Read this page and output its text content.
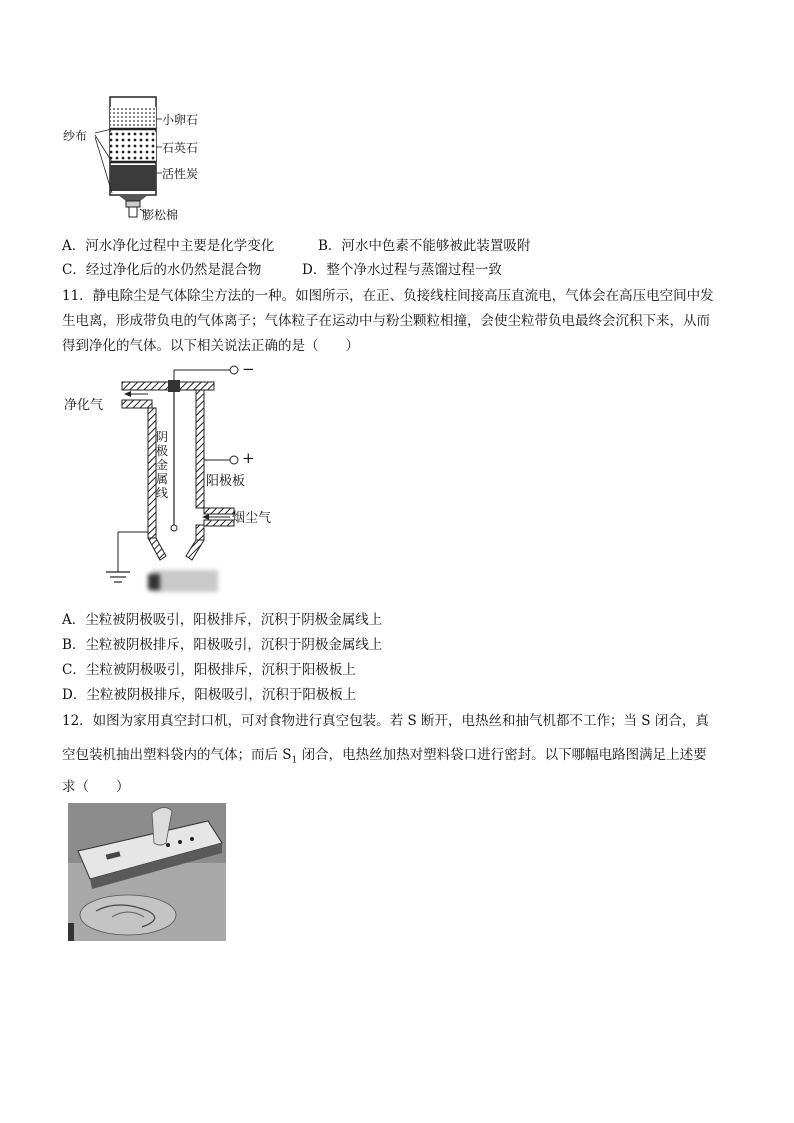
纱布
小卵石
石英石
活性炭
膨松棉
A．河水净化过程中主要是化学变化	B．河水中色素不能够被此装置吸附
C．经过净化后的水仍然是混合物	D．整个净水过程与蒸馏过程一致
11．静电除尘是气体除尘方法的一种。如图所示，在正、负接线柱间接高压直流电，气体会在高压电空间中发
生电离，形成带负电的气体离子；气体粒子在运动中与粉尘颗粒相撞，会使尘粒带负电最终会沉积下来，从而
得到净化的气体。以下相关说法正确的是（　　）
−
+
净化气
阴
极
金
属
线
阳极板
烟尘气
A．尘粒被阴极吸引，阳极排斥，沉积于阴极金属线上
B．尘粒被阴极排斥，阳极吸引，沉积于阴极金属线上
C．尘粒被阴极吸引，阳极排斥，沉积于阳极板上
D．尘粒被阴极排斥，阳极吸引，沉积于阳极板上
12．如图为家用真空封口机，可对食物进行真空包装。若 S 断开，电热丝和抽气机都不工作；当 S 闭合，真
空包装机抽出塑料袋内的气体；而后 $S_1$ 闭合，电热丝加热对塑料袋口进行密封。以下哪幅电路图满足上述要
求（　　）
